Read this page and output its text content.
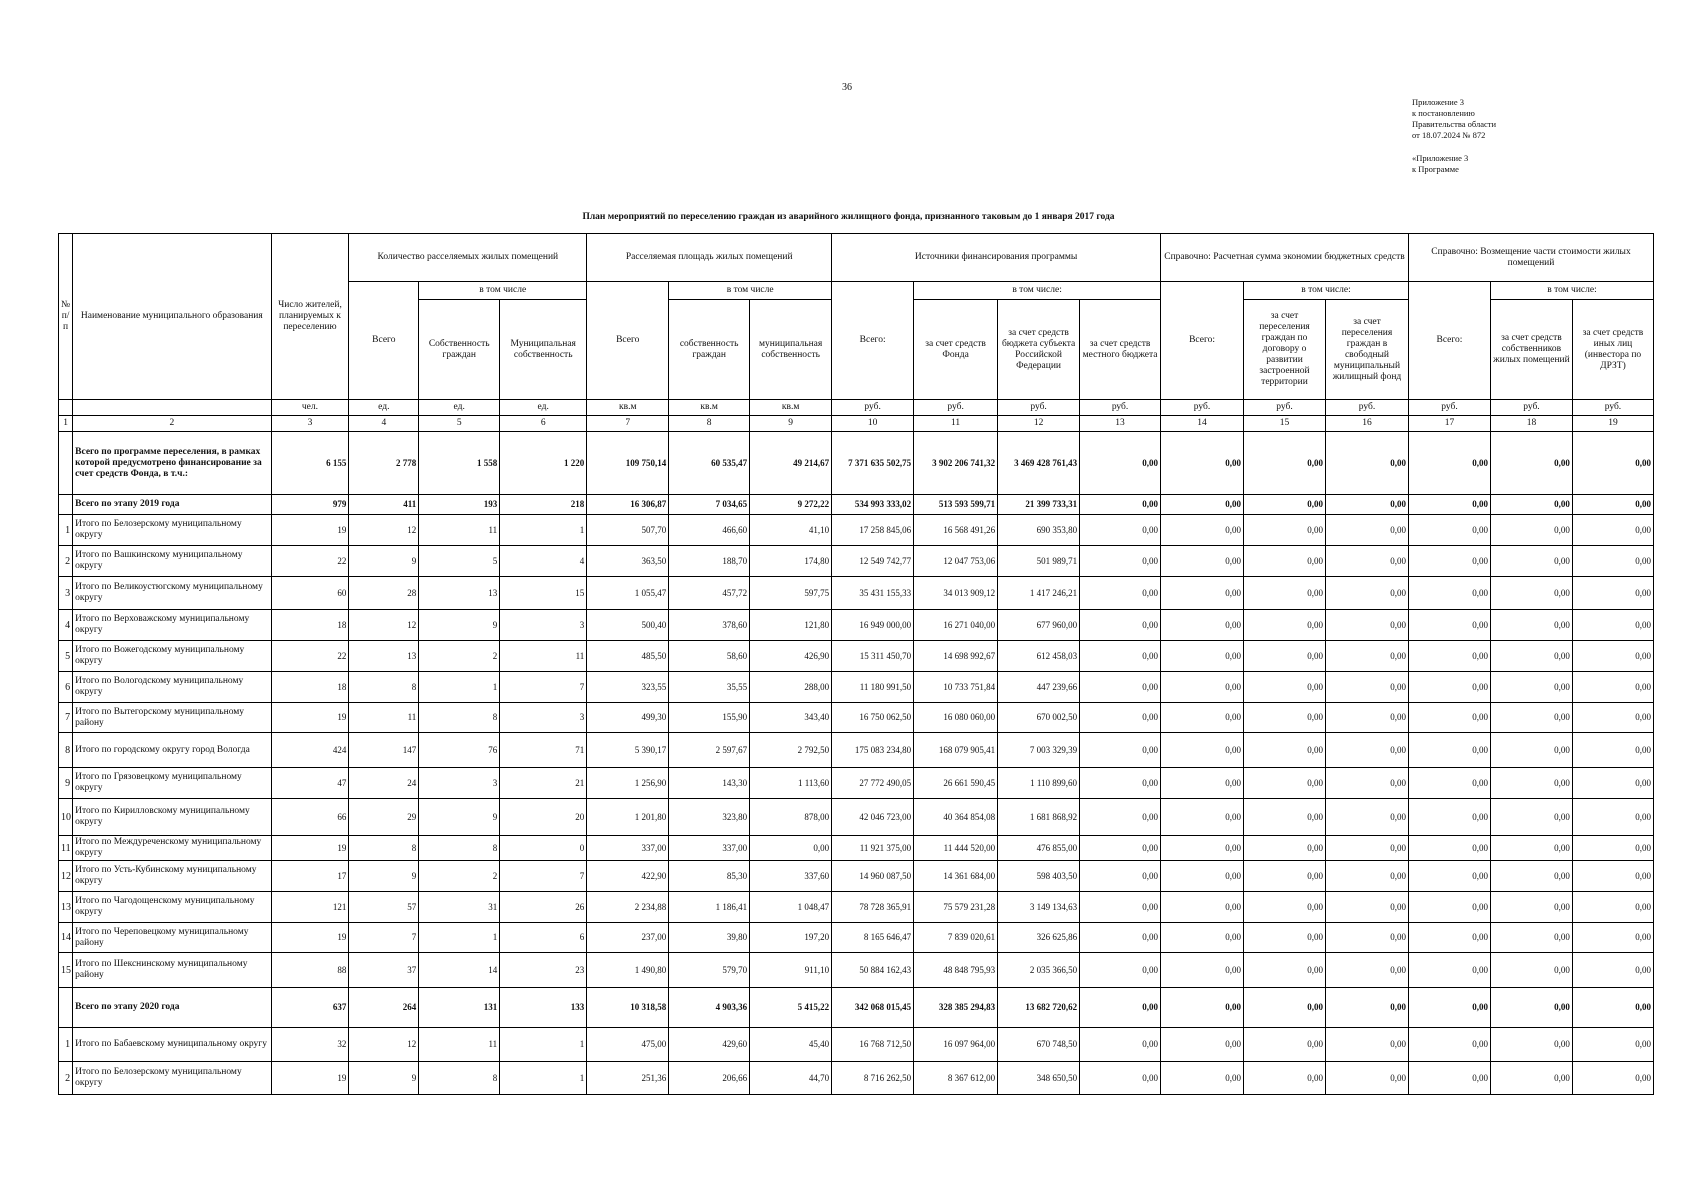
36
Приложение 3
к постановлению
Правительства области
от 18.07.2024 № 872
«Приложение 3
к Программе
План мероприятий по переселению граждан из аварийного жилищного фонда, признанного таковым до 1 января 2017 года
№ п/п	Наименование муниципального образования	Число жителей, планируемых к переселению	Количество расселяемых жилых помещений			Расселяемая площадь жилых помещений			Источники финансирования программы				Справочно: Расчетная сумма экономии бюджетных средств			Справочно: Возмещение части стоимости жилых помещений		
			Всего	в том числе		Всего	в том числе		Всего:	в том числе:			Всего:	в том числе:		Всего:	в том числе:	
				Собственность граждан	Муниципальная собственность		собственность граждан	муниципальная собственность		за счет средств Фонда	за счет средств бюджета субъекта Российской Федерации	за счет средств местного бюджета		за счет переселения граждан по договору о развитии застроенной территории	за счет переселения граждан в свободный муниципальный жилищный фонд		за счет средств собственников жилых помещений	за счет средств иных лиц (инвестора по ДРЗТ)
		чел.	ед.	ед.	ед.	кв.м	кв.м	кв.м	руб.	руб.	руб.	руб.	руб.	руб.	руб.	руб.	руб.	руб.
1	2	3	4	5	6	7	8	9	10	11	12	13	14	15	16	17	18	19
	Всего по программе переселения, в рамках которой предусмотрено финансирование за счет средств Фонда, в т.ч.:	6 155	2 778	1 558	1 220	109 750,14	60 535,47	49 214,67	7 371 635 502,75	3 902 206 741,32	3 469 428 761,43	0,00	0,00	0,00	0,00	0,00	0,00	0,00
	Всего по этапу 2019 года	979	411	193	218	16 306,87	7 034,65	9 272,22	534 993 333,02	513 593 599,71	21 399 733,31	0,00	0,00	0,00	0,00	0,00	0,00	0,00
1	Итого по Белозерскому муниципальному округу	19	12	11	1	507,70	466,60	41,10	17 258 845,06	16 568 491,26	690 353,80	0,00	0,00	0,00	0,00	0,00	0,00	0,00
2	Итого по Вашкинскому муниципальному округу	22	9	5	4	363,50	188,70	174,80	12 549 742,77	12 047 753,06	501 989,71	0,00	0,00	0,00	0,00	0,00	0,00	0,00
3	Итого по Великоустюгскому муниципальному округу	60	28	13	15	1 055,47	457,72	597,75	35 431 155,33	34 013 909,12	1 417 246,21	0,00	0,00	0,00	0,00	0,00	0,00	0,00
4	Итого по Верховажскому муниципальному округу	18	12	9	3	500,40	378,60	121,80	16 949 000,00	16 271 040,00	677 960,00	0,00	0,00	0,00	0,00	0,00	0,00	0,00
5	Итого по Вожегодскому муниципальному округу	22	13	2	11	485,50	58,60	426,90	15 311 450,70	14 698 992,67	612 458,03	0,00	0,00	0,00	0,00	0,00	0,00	0,00
6	Итого по Вологодскому муниципальному округу	18	8	1	7	323,55	35,55	288,00	11 180 991,50	10 733 751,84	447 239,66	0,00	0,00	0,00	0,00	0,00	0,00	0,00
7	Итого по Вытегорскому муниципальному району	19	11	8	3	499,30	155,90	343,40	16 750 062,50	16 080 060,00	670 002,50	0,00	0,00	0,00	0,00	0,00	0,00	0,00
8	Итого по городскому округу город Вологда	424	147	76	71	5 390,17	2 597,67	2 792,50	175 083 234,80	168 079 905,41	7 003 329,39	0,00	0,00	0,00	0,00	0,00	0,00	0,00
9	Итого по Грязовецкому муниципальному округу	47	24	3	21	1 256,90	143,30	1 113,60	27 772 490,05	26 661 590,45	1 110 899,60	0,00	0,00	0,00	0,00	0,00	0,00	0,00
10	Итого по Кирилловскому муниципальному округу	66	29	9	20	1 201,80	323,80	878,00	42 046 723,00	40 364 854,08	1 681 868,92	0,00	0,00	0,00	0,00	0,00	0,00	0,00
11	Итого по Междуреченскому муниципальному округу	19	8	8	0	337,00	337,00	0,00	11 921 375,00	11 444 520,00	476 855,00	0,00	0,00	0,00	0,00	0,00	0,00	0,00
12	Итого по Усть-Кубинскому муниципальному округу	17	9	2	7	422,90	85,30	337,60	14 960 087,50	14 361 684,00	598 403,50	0,00	0,00	0,00	0,00	0,00	0,00	0,00
13	Итого по Чагодощенскому муниципальному округу	121	57	31	26	2 234,88	1 186,41	1 048,47	78 728 365,91	75 579 231,28	3 149 134,63	0,00	0,00	0,00	0,00	0,00	0,00	0,00
14	Итого по Череповецкому муниципальному району	19	7	1	6	237,00	39,80	197,20	8 165 646,47	7 839 020,61	326 625,86	0,00	0,00	0,00	0,00	0,00	0,00	0,00
15	Итого по Шекснинскому муниципальному району	88	37	14	23	1 490,80	579,70	911,10	50 884 162,43	48 848 795,93	2 035 366,50	0,00	0,00	0,00	0,00	0,00	0,00	0,00
	Всего по этапу 2020 года	637	264	131	133	10 318,58	4 903,36	5 415,22	342 068 015,45	328 385 294,83	13 682 720,62	0,00	0,00	0,00	0,00	0,00	0,00	0,00
1	Итого по Бабаевскому муниципальному округу	32	12	11	1	475,00	429,60	45,40	16 768 712,50	16 097 964,00	670 748,50	0,00	0,00	0,00	0,00	0,00	0,00	0,00
2	Итого по Белозерскому муниципальному округу	19	9	8	1	251,36	206,66	44,70	8 716 262,50	8 367 612,00	348 650,50	0,00	0,00	0,00	0,00	0,00	0,00	0,00
